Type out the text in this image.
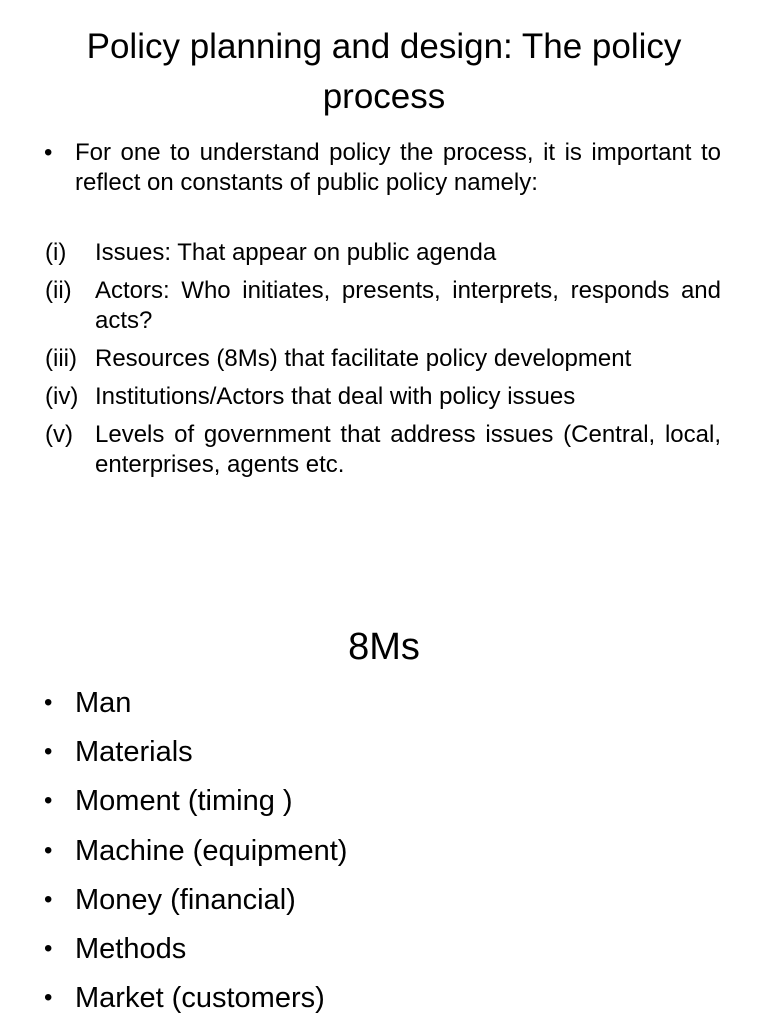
Policy planning and design: The policy process
• For one to understand policy the process, it is important to reflect on constants of public policy namely:
(i) Issues: That appear on public agenda
(ii) Actors: Who initiates, presents, interprets, responds and acts?
(iii) Resources (8Ms) that facilitate policy development
(iv) Institutions/Actors that deal with policy issues
(v) Levels of government that address issues (Central, local, enterprises, agents etc.
8Ms
• Man
• Materials
• Moment (timing )
• Machine (equipment)
• Money (financial)
• Methods
• Market (customers)
